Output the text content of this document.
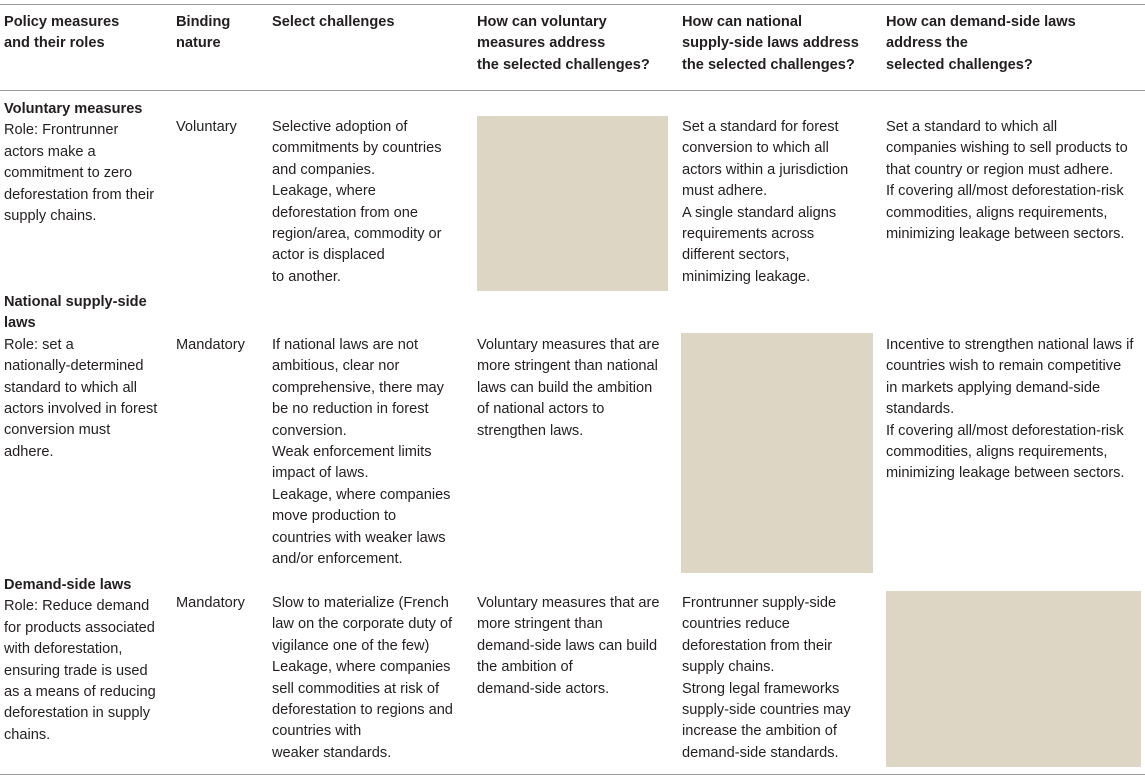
Policy measures
and their roles
Binding
nature
Select challenges	How can voluntary
measures address
the selected challenges?
How can national
supply-side laws address
the selected challenges?
How can demand-side laws
address the
selected challenges?
Voluntary measures
Role: Frontrunner
actors make a
commitment to zero
deforestation from their
supply chains.
Voluntary Selective adoption of
commitments by countries
and companies.
Leakage, where
deforestation from one
region/area, commodity or
actor is displaced
to another.
Set a standard for forest
conversion to which all
actors within a jurisdiction
must adhere.
A single standard aligns
requirements across
different sectors,
minimizing leakage.
Set a standard to which all
companies wishing to sell products to
that country or region must adhere.
If covering all/most deforestation-risk
commodities, aligns requirements,
minimizing leakage between sectors.
National supply-side
laws
Role: set a
nationally-determined
standard to which all
actors involved in forest
conversion must
adhere.
Mandatory If national laws are not
ambitious, clear nor
comprehensive, there may
be no reduction in forest
conversion.
Weak enforcement limits
impact of laws.
Leakage, where companies
move production to
countries with weaker laws
and/or enforcement.
Voluntary measures that are
more stringent than national
laws can build the ambition
of national actors to
strengthen laws.
Incentive to strengthen national laws if
countries wish to remain competitive
in markets applying demand-side
standards.
If covering all/most deforestation-risk
commodities, aligns requirements,
minimizing leakage between sectors.
Demand-side laws
Role: Reduce demand
for products associated
with deforestation,
ensuring trade is used
as a means of reducing
deforestation in supply
chains.
Mandatory Slow to materialize (French
law on the corporate duty of
vigilance one of the few)
Leakage, where companies
sell commodities at risk of
deforestation to regions and
countries with
weaker standards.
Voluntary measures that are
more stringent than
demand-side laws can build
the ambition of
demand-side actors.
Frontrunner supply-side
countries reduce
deforestation from their
supply chains.
Strong legal frameworks
supply-side countries may
increase the ambition of
demand-side standards.
